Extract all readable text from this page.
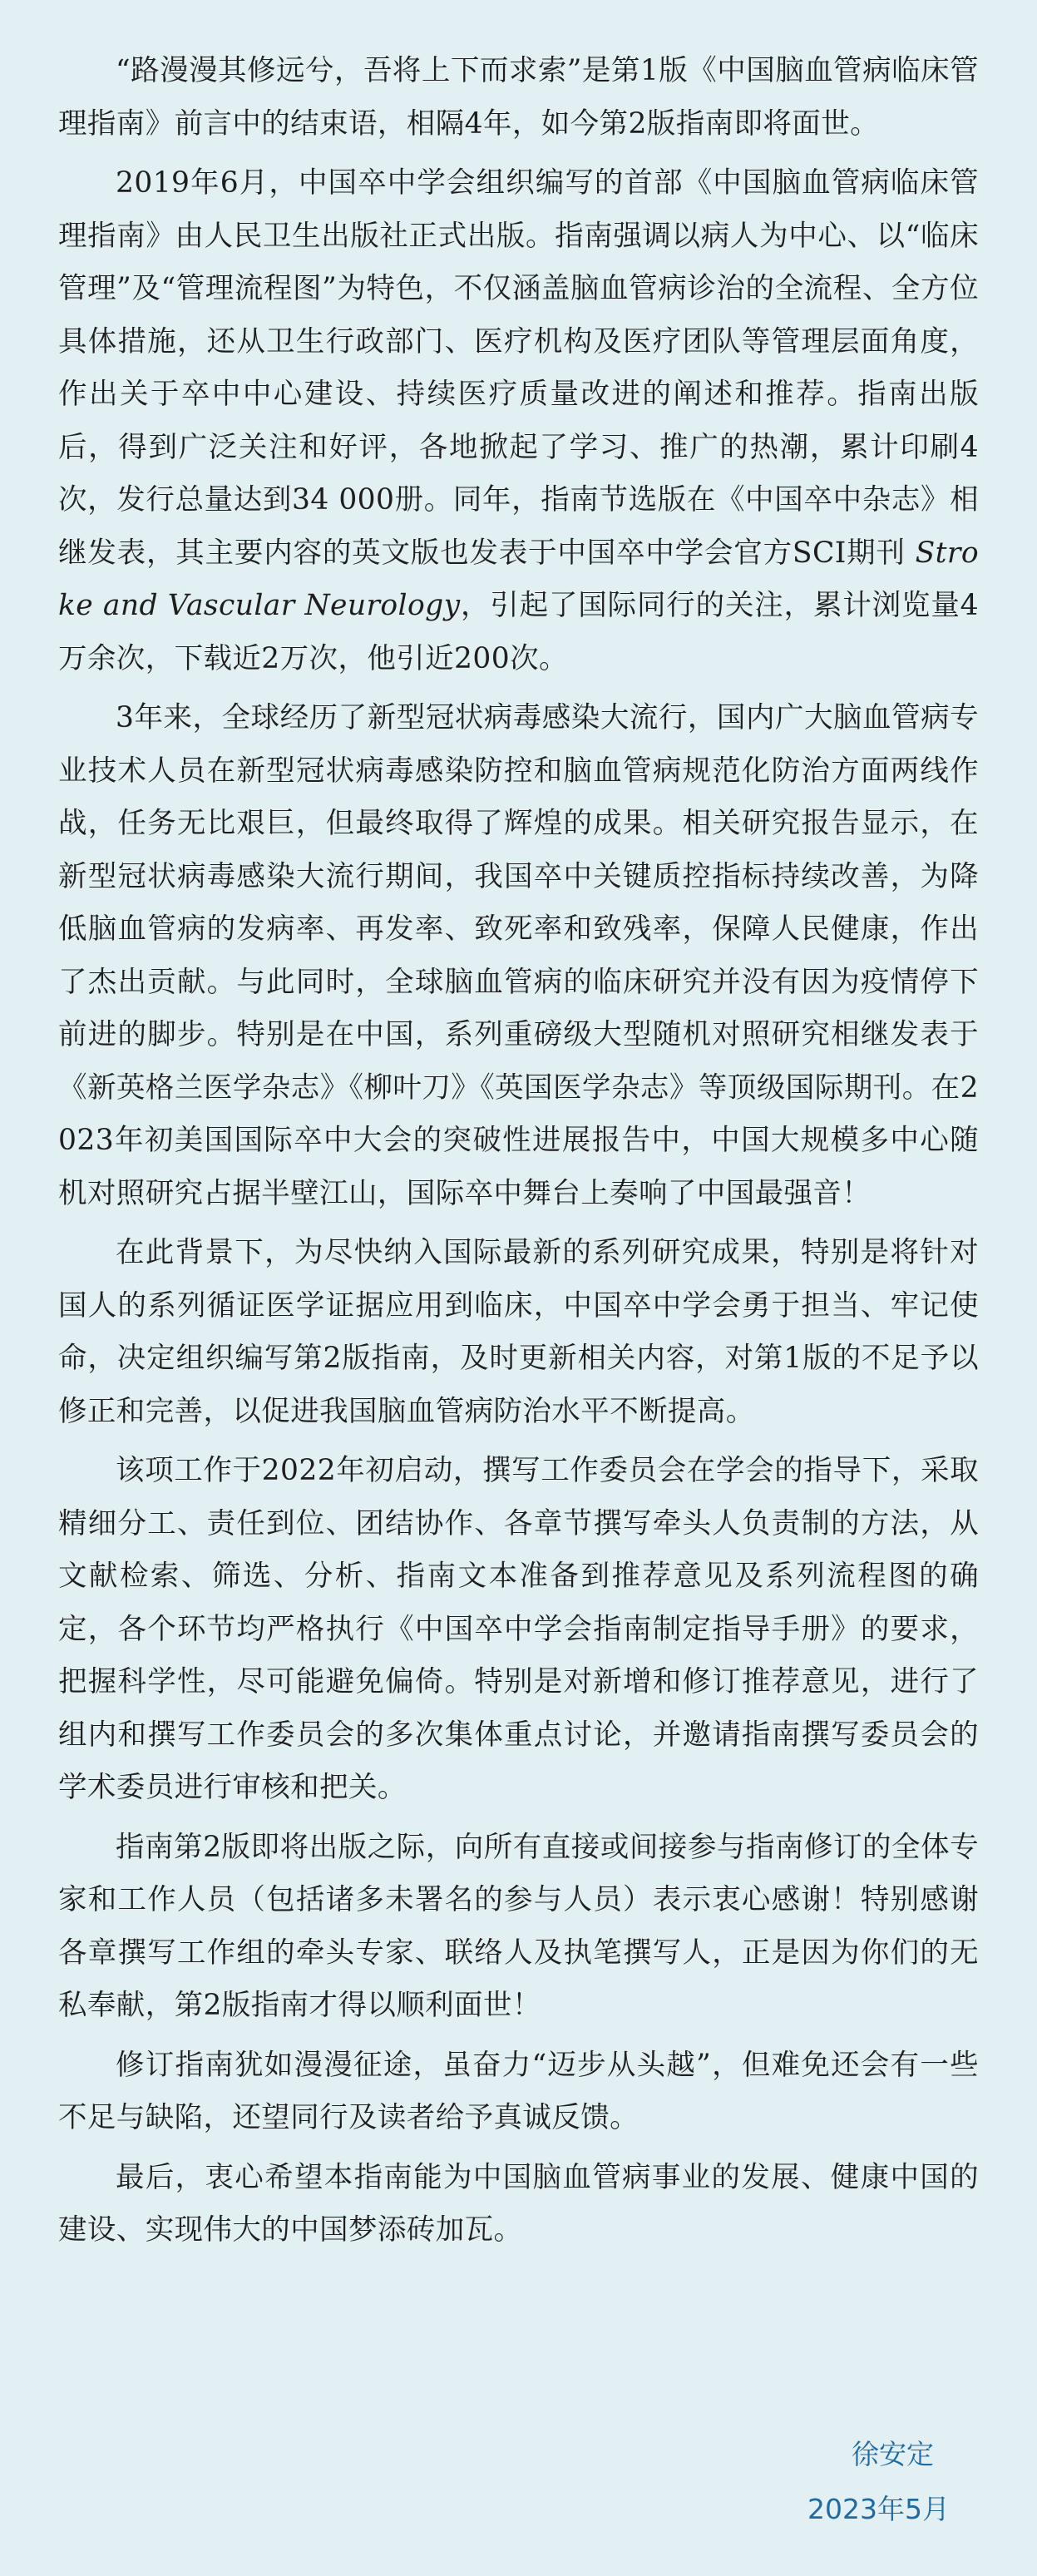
“路漫漫其修远兮，吾将上下而求索”是第1版《中国脑血管病临床管理指南》前言中的结束语，相隔4年，如今第2版指南即将面世。

2019年6月，中国卒中学会组织编写的首部《中国脑血管病临床管理指南》由人民卫生出版社正式出版。指南强调以病人为中心、以“临床管理”及“管理流程图”为特色，不仅涵盖脑血管病诊治的全流程、全方位具体措施，还从卫生行政部门、医疗机构及医疗团队等管理层面角度，作出关于卒中中心建设、持续医疗质量改进的阐述和推荐。指南出版后，得到广泛关注和好评，各地掀起了学习、推广的热潮，累计印刷4次，发行总量达到34 000册。同年，指南节选版在《中国卒中杂志》相继发表，其主要内容的英文版也发表于中国卒中学会官方SCI期刊 Stroke and Vascular Neurology，引起了国际同行的关注，累计浏览量4万余次，下载近2万次，他引近200次。

3年来，全球经历了新型冠状病毒感染大流行，国内广大脑血管病专业技术人员在新型冠状病毒感染防控和脑血管病规范化防治方面两线作战，任务无比艰巨，但最终取得了辉煌的成果。相关研究报告显示，在新型冠状病毒感染大流行期间，我国卒中关键质控指标持续改善，为降低脑血管病的发病率、再发率、致死率和致残率，保障人民健康，作出了杰出贡献。与此同时，全球脑血管病的临床研究并没有因为疫情停下前进的脚步。特别是在中国，系列重磅级大型随机对照研究相继发表于《新英格兰医学杂志》《柳叶刀》《英国医学杂志》等顶级国际期刊。在2023年初美国国际卒中大会的突破性进展报告中，中国大规模多中心随机对照研究占据半壁江山，国际卒中舞台上奏响了中国最强音！

在此背景下，为尽快纳入国际最新的系列研究成果，特别是将针对国人的系列循证医学证据应用到临床，中国卒中学会勇于担当、牢记使命，决定组织编写第2版指南，及时更新相关内容，对第1版的不足予以修正和完善，以促进我国脑血管病防治水平不断提高。

该项工作于2022年初启动，撰写工作委员会在学会的指导下，采取精细分工、责任到位、团结协作、各章节撰写牵头人负责制的方法，从文献检索、筛选、分析、指南文本准备到推荐意见及系列流程图的确定，各个环节均严格执行《中国卒中学会指南制定指导手册》的要求，把握科学性，尽可能避免偏倚。特别是对新增和修订推荐意见，进行了组内和撰写工作委员会的多次集体重点讨论，并邀请指南撰写委员会的学术委员进行审核和把关。

指南第2版即将出版之际，向所有直接或间接参与指南修订的全体专家和工作人员（包括诸多未署名的参与人员）表示衷心感谢！特别感谢各章撰写工作组的牵头专家、联络人及执笔撰写人，正是因为你们的无私奉献，第2版指南才得以顺利面世！

修订指南犹如漫漫征途，虽奋力“迈步从头越”，但难免还会有一些不足与缺陷，还望同行及读者给予真诚反馈。

最后，衷心希望本指南能为中国脑血管病事业的发展、健康中国的建设、实现伟大的中国梦添砖加瓦。

徐安定
2023年5月
